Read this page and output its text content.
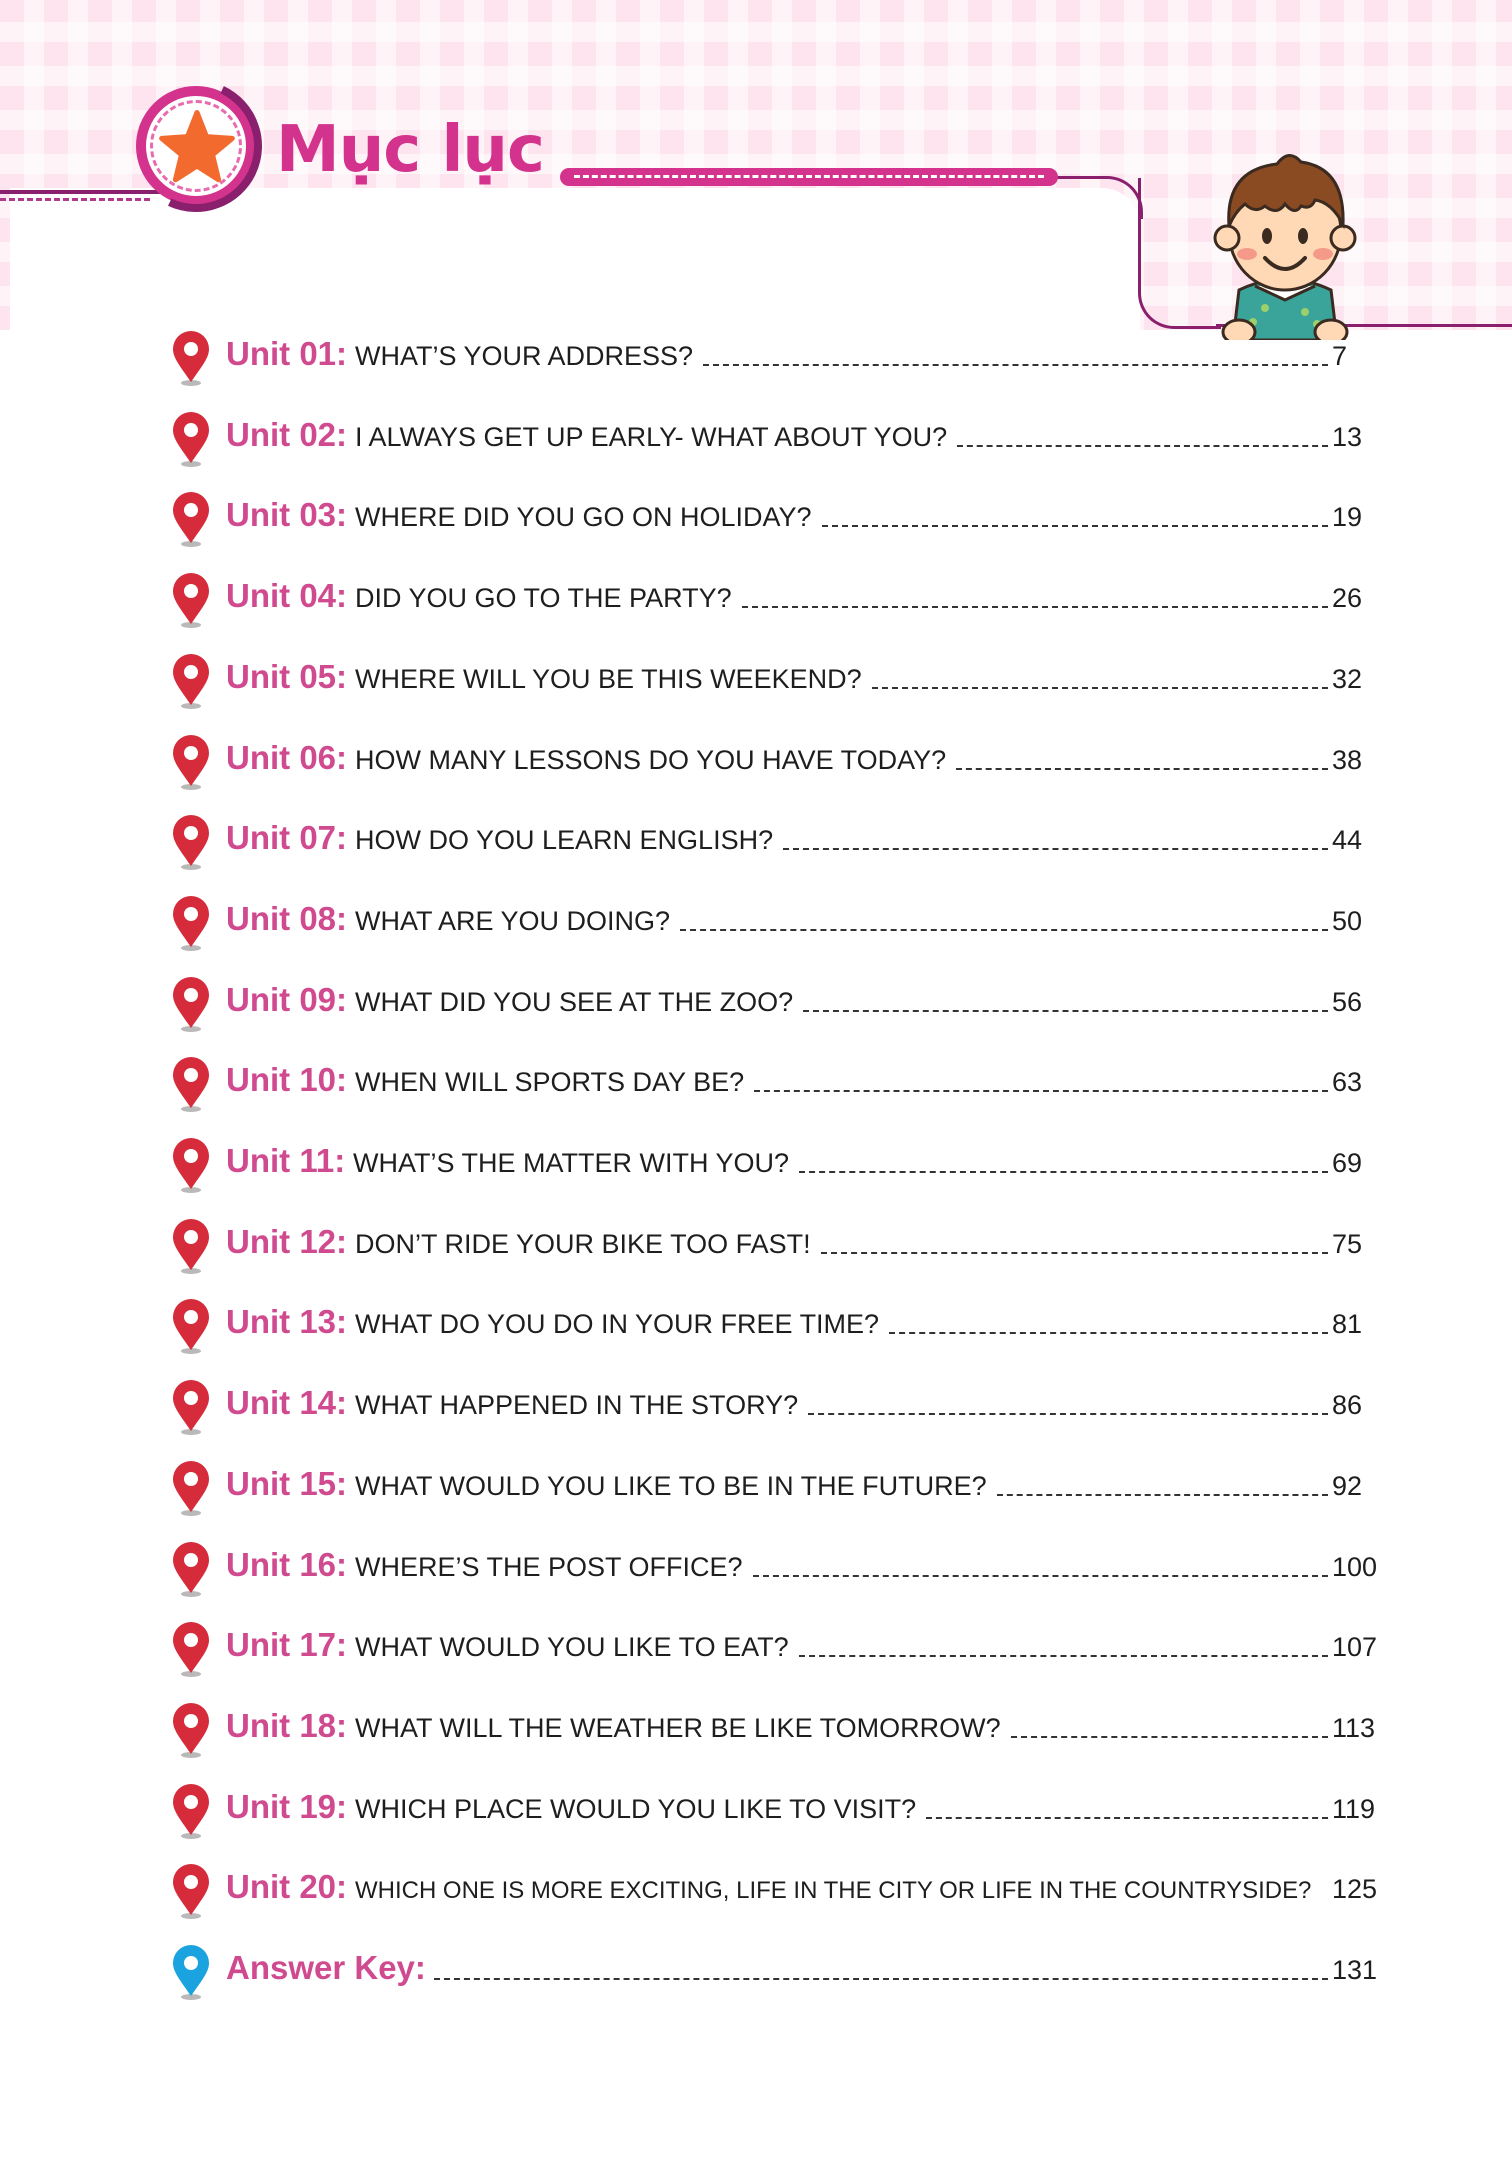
Mục lục
Unit 01: WHAT’S YOUR ADDRESS?	7
Unit 02: I ALWAYS GET UP EARLY- WHAT ABOUT YOU?	13
Unit 03: WHERE DID YOU GO ON HOLIDAY?	19
Unit 04: DID YOU GO TO THE PARTY?	26
Unit 05: WHERE WILL YOU BE THIS WEEKEND?	32
Unit 06: HOW MANY LESSONS DO YOU HAVE TODAY?	38
Unit 07: HOW DO YOU LEARN ENGLISH?	44
Unit 08: WHAT ARE YOU DOING?	50
Unit 09: WHAT DID YOU SEE AT THE ZOO?	56
Unit 10: WHEN WILL SPORTS DAY BE?	63
Unit 11: WHAT’S THE MATTER WITH YOU?	69
Unit 12: DON’T RIDE YOUR BIKE TOO FAST!	75
Unit 13: WHAT DO YOU DO IN YOUR FREE TIME?	81
Unit 14: WHAT HAPPENED IN THE STORY?	86
Unit 15: WHAT WOULD YOU LIKE TO BE IN THE FUTURE?	92
Unit 16: WHERE’S THE POST OFFICE?	100
Unit 17: WHAT WOULD YOU LIKE TO EAT?	107
Unit 18: WHAT WILL THE WEATHER BE LIKE TOMORROW?	113
Unit 19: WHICH PLACE WOULD YOU LIKE TO VISIT?	119
Unit 20: WHICH ONE IS MORE EXCITING, LIFE IN THE CITY OR LIFE IN THE COUNTRYSIDE? 125
Answer Key:	131
